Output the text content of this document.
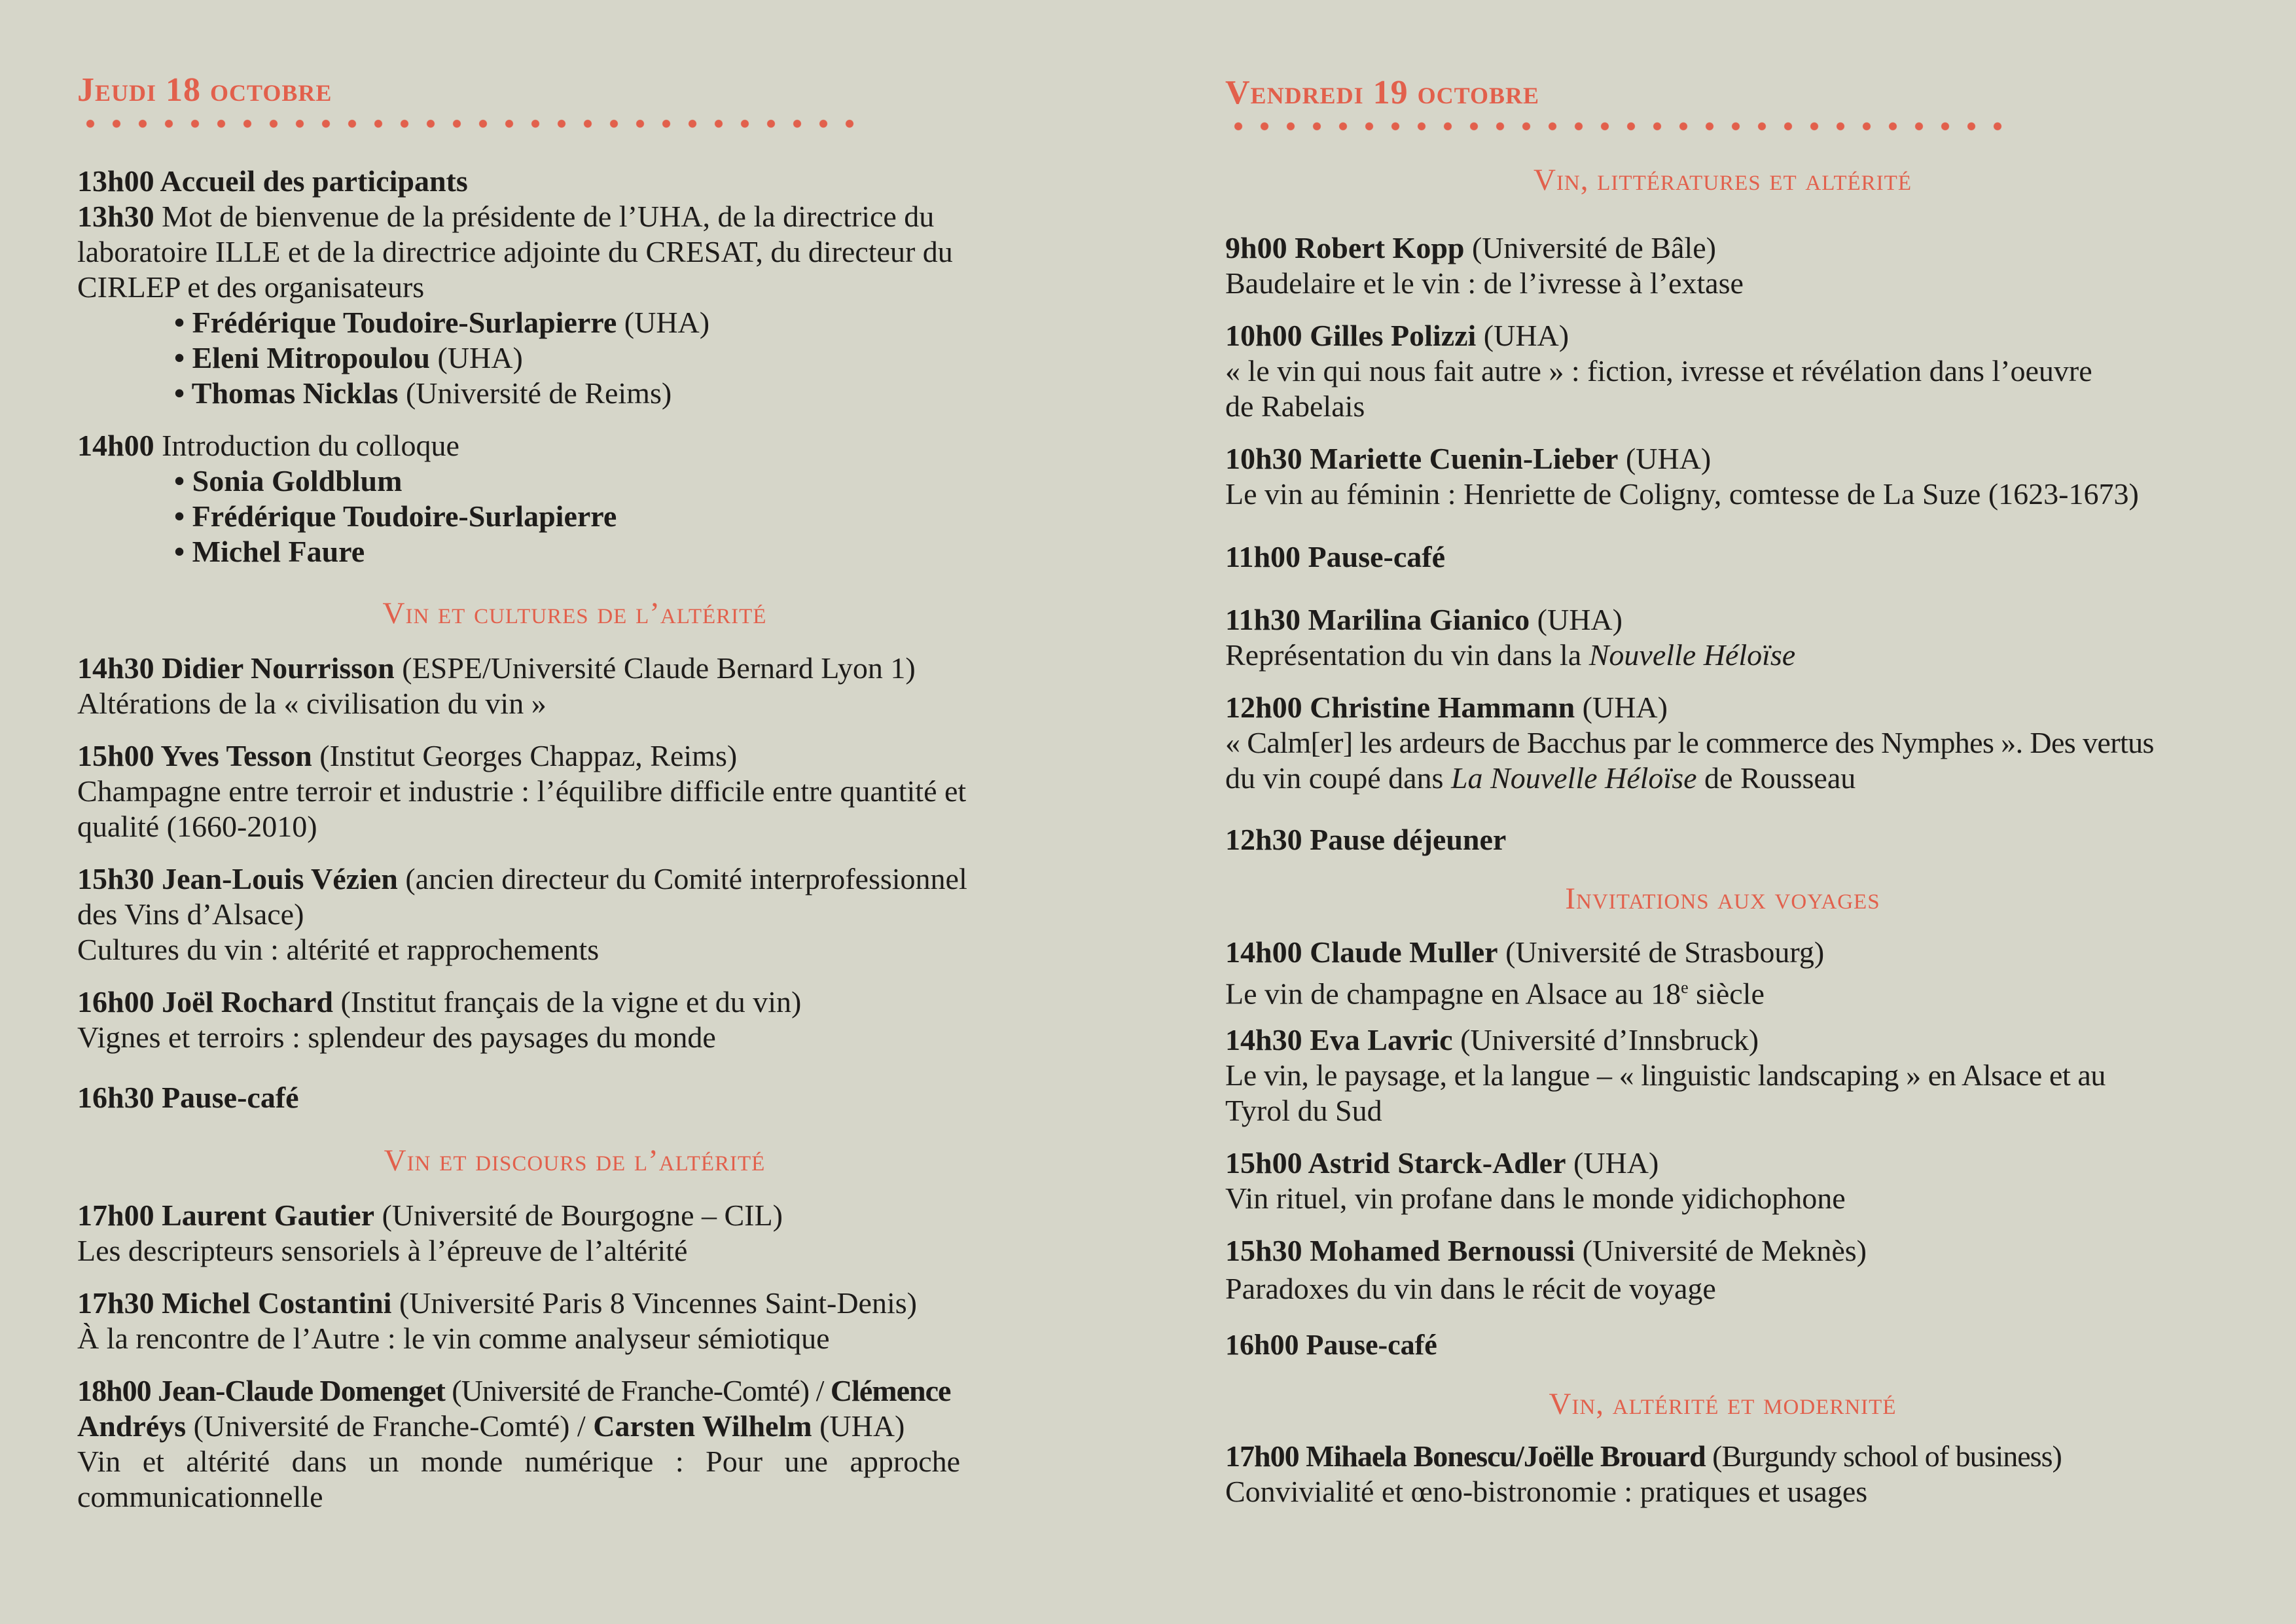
Jeudi 18 octobre
13h00 Accueil des participants
13h30 Mot de bienvenue de la présidente de l’UHA, de la directrice du
laboratoire ILLE et de la directrice adjointe du CRESAT, du directeur du
CIRLEP et des organisateurs
• Frédérique Toudoire-Surlapierre (UHA)
• Eleni Mitropoulou (UHA)
• Thomas Nicklas (Université de Reims)
14h00 Introduction du colloque
• Sonia Goldblum
• Frédérique Toudoire-Surlapierre
• Michel Faure
Vin et cultures de l’altérité
14h30 Didier Nourrisson (ESPE/Université Claude Bernard Lyon 1)
Altérations de la « civilisation du vin »
15h00 Yves Tesson (Institut Georges Chappaz, Reims)
Champagne entre terroir et industrie : l’équilibre difficile entre quantité et
qualité (1660-2010)
15h30 Jean-Louis Vézien (ancien directeur du Comité interprofessionnel
des Vins d’Alsace)
Cultures du vin : altérité et rapprochements
16h00 Joël Rochard (Institut français de la vigne et du vin)
Vignes et terroirs : splendeur des paysages du monde
16h30 Pause-café
Vin et discours de l’altérité
17h00 Laurent Gautier (Université de Bourgogne – CIL)
Les descripteurs sensoriels à l’épreuve de l’altérité
17h30 Michel Costantini (Université Paris 8 Vincennes Saint-Denis)
À la rencontre de l’Autre : le vin comme analyseur sémiotique
18h00 Jean-Claude Domenget (Université de Franche-Comté) / Clémence
Andréys (Université de Franche-Comté) / Carsten Wilhelm (UHA)
Vin et altérité dans un monde numérique : Pour une approche
communicationnelle
Vendredi 19 octobre
Vin, littératures et altérité
9h00 Robert Kopp (Université de Bâle)
Baudelaire et le vin : de l’ivresse à l’extase
10h00 Gilles Polizzi (UHA)
« le vin qui nous fait autre » : fiction, ivresse et révélation dans l’oeuvre
de Rabelais
10h30 Mariette Cuenin-Lieber (UHA)
Le vin au féminin : Henriette de Coligny, comtesse de La Suze (1623-1673)
11h00 Pause-café
11h30 Marilina Gianico (UHA)
Représentation du vin dans la Nouvelle Héloïse
12h00 Christine Hammann (UHA)
« Calm[er] les ardeurs de Bacchus par le commerce des Nymphes ». Des vertus
du vin coupé dans La Nouvelle Héloïse de Rousseau
12h30 Pause déjeuner
Invitations aux voyages
14h00 Claude Muller (Université de Strasbourg)
Le vin de champagne en Alsace au 18e siècle
14h30 Eva Lavric (Université d’Innsbruck)
Le vin, le paysage, et la langue – « linguistic landscaping » en Alsace et au
Tyrol du Sud
15h00 Astrid Starck-Adler (UHA)
Vin rituel, vin profane dans le monde yidichophone
15h30 Mohamed Bernoussi (Université de Meknès)
Paradoxes du vin dans le récit de voyage
16h00 Pause-café
Vin, altérité et modernité
17h00 Mihaela Bonescu/Joëlle Brouard (Burgundy school of business)
Convivialité et œno-bistronomie : pratiques et usages
